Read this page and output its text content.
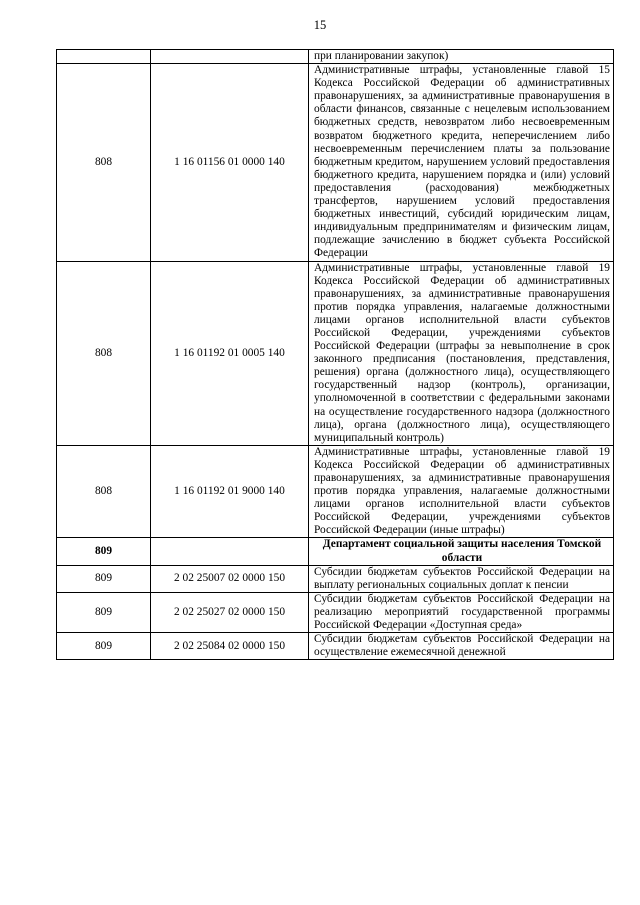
15
		при планировании закупок)
808	1 16 01156 01 0000 140	Административные штрафы, установленные главой 15 Кодекса Российской Федерации об административных правонарушениях, за административные правонарушения в области финансов, связанные с нецелевым использованием бюджетных средств, невозвратом либо несвоевременным возвратом бюджетного кредита, неперечислением либо несвоевременным перечислением платы за пользование бюджетным кредитом, нарушением условий предоставления бюджетного кредита, нарушением порядка и (или) условий предоставления (расходования) межбюджетных трансфертов, нарушением условий предоставления бюджетных инвестиций, субсидий юридическим лицам, индивидуальным предпринимателям и физическим лицам, подлежащие зачислению в бюджет субъекта Российской Федерации
808	1 16 01192 01 0005 140	Административные штрафы, установленные главой 19 Кодекса Российской Федерации об административных правонарушениях, за административные правонарушения против порядка управления, налагаемые должностными лицами органов исполнительной власти субъектов Российской Федерации, учреждениями субъектов Российской Федерации (штрафы за невыполнение в срок законного предписания (постановления, представления, решения) органа (должностного лица), осуществляющего государственный надзор (контроль), организации, уполномоченной в соответствии с федеральными законами на осуществление государственного надзора (должностного лица), органа (должностного лица), осуществляющего муниципальный контроль)
808	1 16 01192 01 9000 140	Административные штрафы, установленные главой 19 Кодекса Российской Федерации об административных правонарушениях, за административные правонарушения против порядка управления, налагаемые должностными лицами органов исполнительной власти субъектов Российской Федерации, учреждениями субъектов Российской Федерации (иные штрафы)
809		Департамент социальной защиты населения Томской области
809	2 02 25007 02 0000 150	Субсидии бюджетам субъектов Российской Федерации на выплату региональных социальных доплат к пенсии
809	2 02 25027 02 0000 150	Субсидии бюджетам субъектов Российской Федерации на реализацию мероприятий государственной программы Российской Федерации «Доступная среда»
809	2 02 25084 02 0000 150	Субсидии бюджетам субъектов Российской Федерации на осуществление ежемесячной денежной
